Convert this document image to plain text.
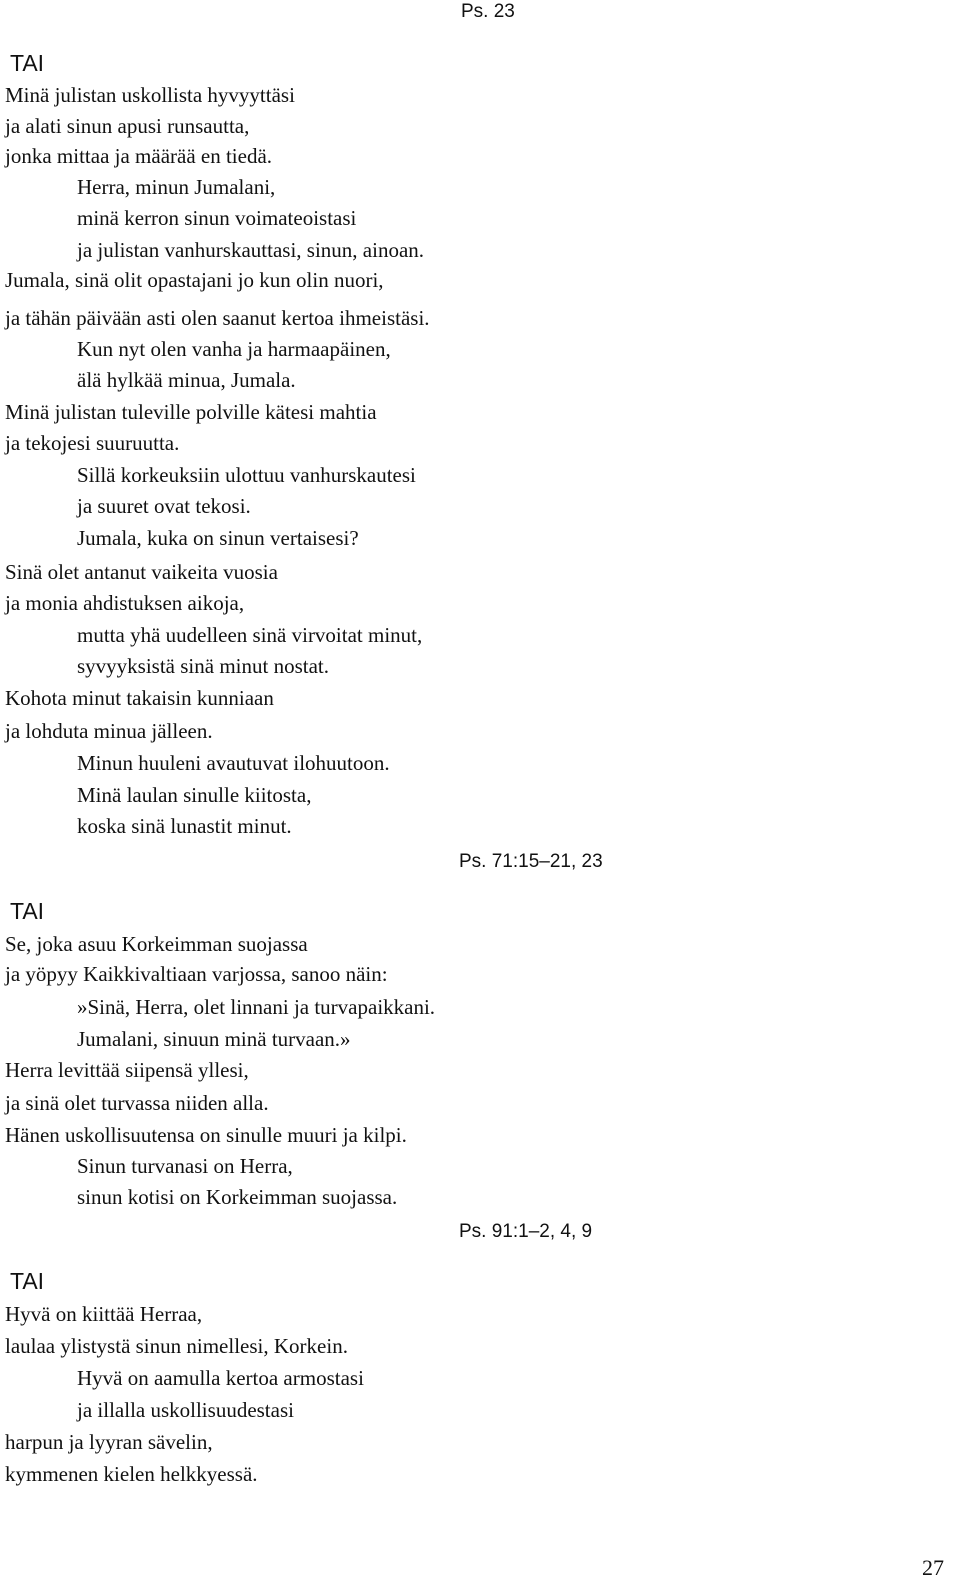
Ps. 23
TAI
Minä julistan uskollista hyvyyttäsi
ja alati sinun apusi runsautta,
jonka mittaa ja määrää en tiedä.
Herra, minun Jumalani,
minä kerron sinun voimateoistasi
ja julistan vanhurskauttasi, sinun, ainoan.
Jumala, sinä olit opastajani jo kun olin nuori,
ja tähän päivään asti olen saanut kertoa ihmeistäsi.
Kun nyt olen vanha ja harmaapäinen,
älä hylkää minua, Jumala.
Minä julistan tuleville polville kätesi mahtia
ja tekojesi suuruutta.
Sillä korkeuksiin ulottuu vanhurskautesi
ja suuret ovat tekosi.
Jumala, kuka on sinun vertaisesi?
Sinä olet antanut vaikeita vuosia
ja monia ahdistuksen aikoja,
mutta yhä uudelleen sinä virvoitat minut,
syvyyksistä sinä minut nostat.
Kohota minut takaisin kunniaan
ja lohduta minua jälleen.
Minun huuleni avautuvat ilohuutoon.
Minä laulan sinulle kiitosta,
koska sinä lunastit minut.
Ps. 71:15–21, 23
TAI
Se, joka asuu Korkeimman suojassa
ja yöpyy Kaikkivaltiaan varjossa, sanoo näin:
»Sinä, Herra, olet linnani ja turvapaikkani.
Jumalani, sinuun minä turvaan.»
Herra levittää siipensä yllesi,
ja sinä olet turvassa niiden alla.
Hänen uskollisuutensa on sinulle muuri ja kilpi.
Sinun turvanasi on Herra,
sinun kotisi on Korkeimman suojassa.
Ps. 91:1–2, 4, 9
TAI
Hyvä on kiittää Herraa,
laulaa ylistystä sinun nimellesi, Korkein.
Hyvä on aamulla kertoa armostasi
ja illalla uskollisuudestasi
harpun ja lyyran sävelin,
kymmenen kielen helkkyessä.
27
